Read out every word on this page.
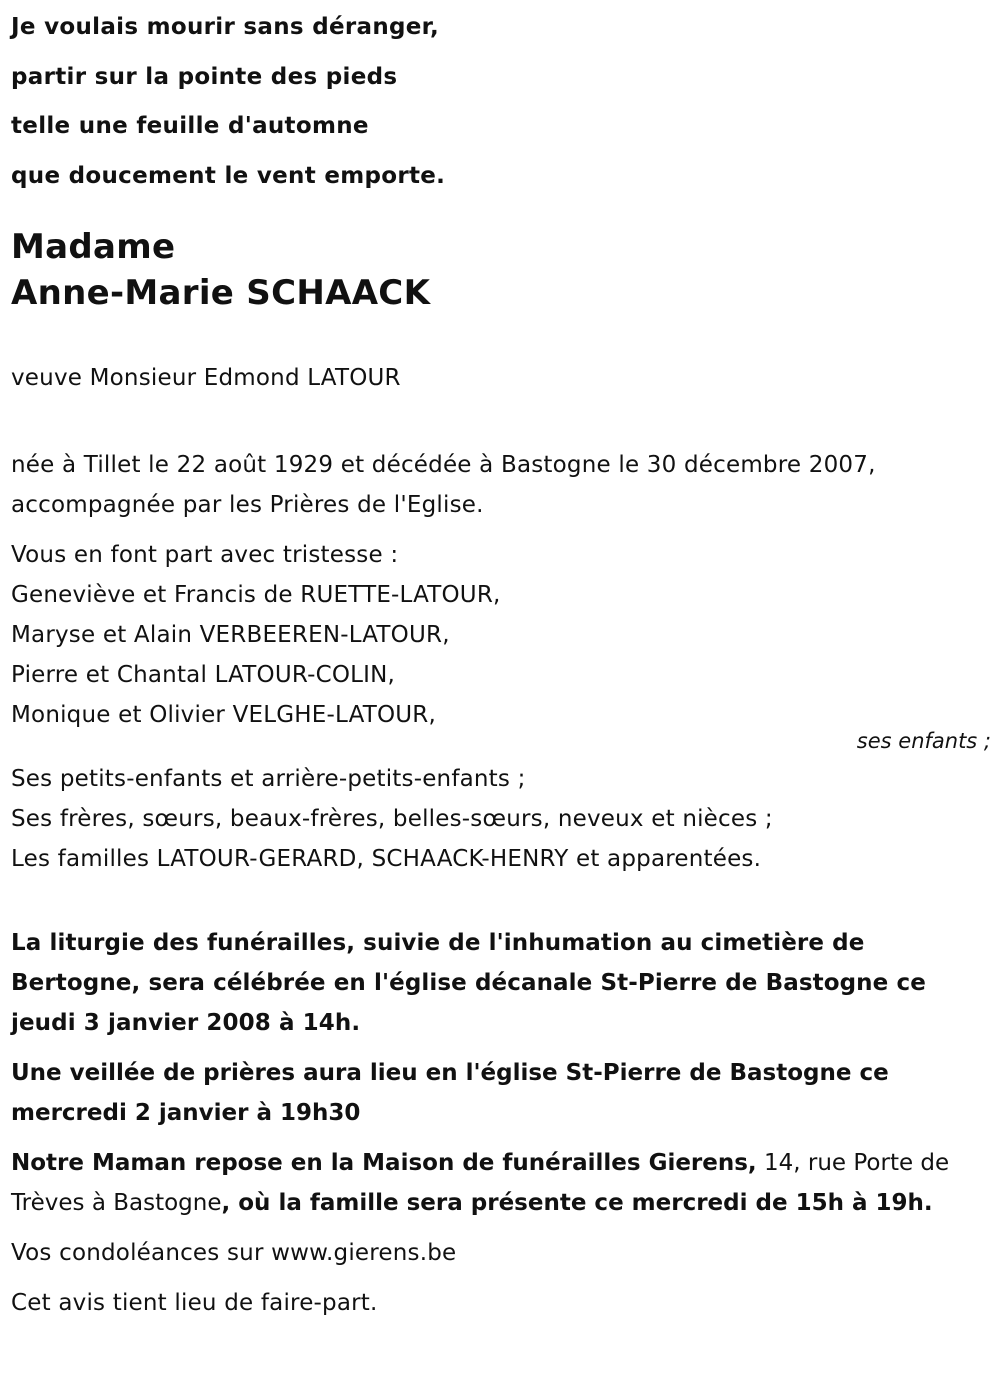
Je voulais mourir sans déranger,
partir sur la pointe des pieds
telle une feuille d'automne
que doucement le vent emporte.
Madame
Anne-Marie SCHAACK
veuve Monsieur Edmond LATOUR
née à Tillet le 22 août 1929 et décédée à Bastogne le 30 décembre 2007,
accompagnée par les Prières de l'Eglise.
Vous en font part avec tristesse :
Geneviève et Francis de RUETTE-LATOUR,
Maryse et Alain VERBEEREN-LATOUR,
Pierre et Chantal LATOUR-COLIN,
Monique et Olivier VELGHE-LATOUR,
ses enfants ;
Ses petits-enfants et arrière-petits-enfants ;
Ses frères, sœurs, beaux-frères, belles-sœurs, neveux et nièces ;
Les familles LATOUR-GERARD, SCHAACK-HENRY et apparentées.
La liturgie des funérailles, suivie de l'inhumation au cimetière de Bertogne, sera célébrée en l'église décanale St-Pierre de Bastogne ce jeudi 3 janvier 2008 à 14h.
Une veillée de prières aura lieu en l'église St-Pierre de Bastogne ce mercredi 2 janvier à 19h30
Notre Maman repose en la Maison de funérailles Gierens, 14, rue Porte de Trèves à Bastogne, où la famille sera présente ce mercredi de 15h à 19h.
Vos condoléances sur www.gierens.be
Cet avis tient lieu de faire-part.
